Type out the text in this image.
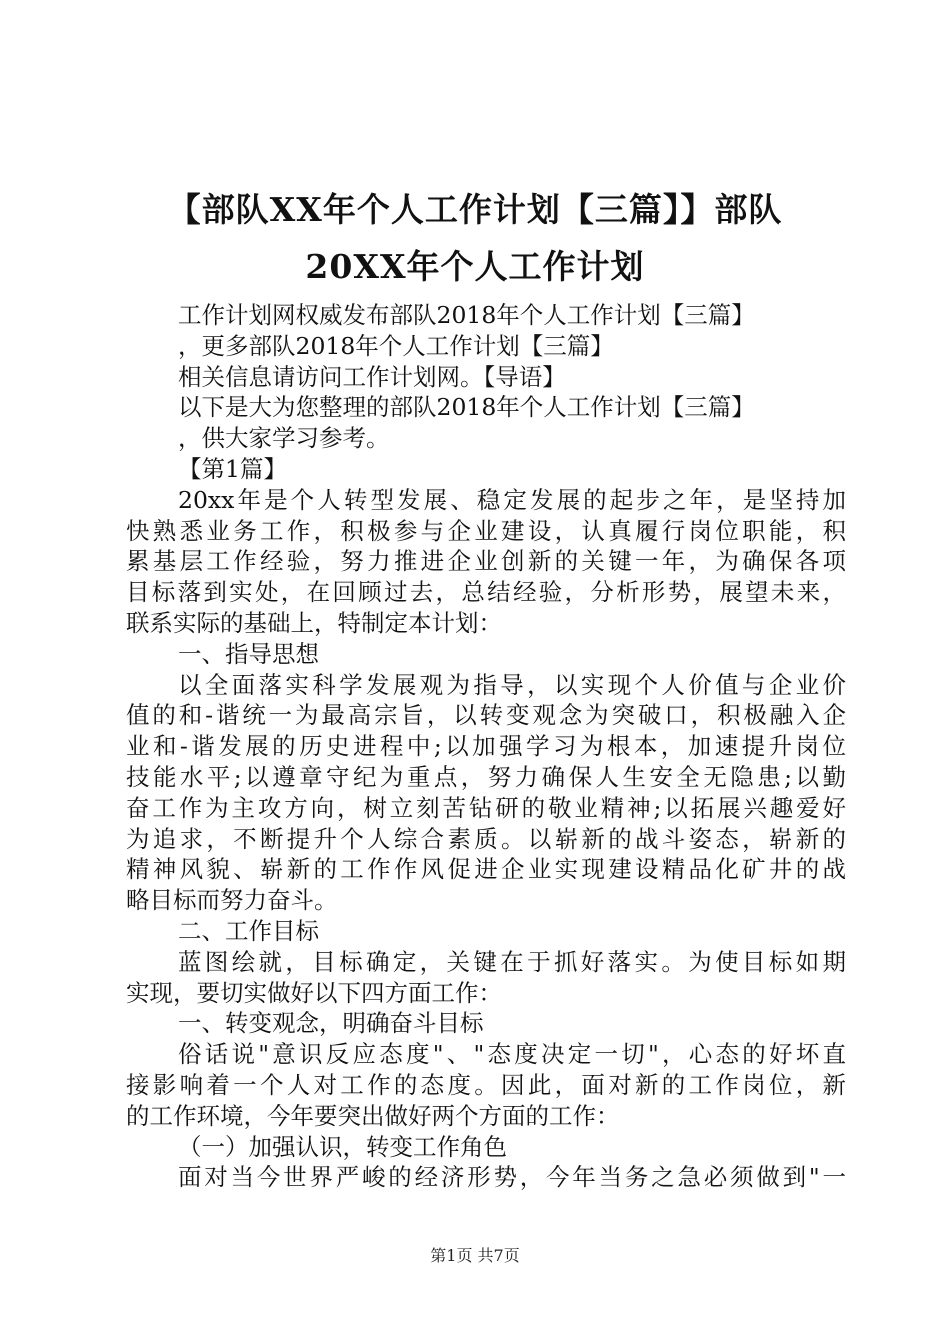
【部队XX年个人工作计划【三篇】】部队
20XX年个人工作计划
工作计划网权威发布部队2018年个人工作计划【三篇】
，更多部队2018年个人工作计划【三篇】
相关信息请访问工作计划网。【导语】
以下是大为您整理的部队2018年个人工作计划【三篇】
，供大家学习参考。
【第1篇】
20xx年是个人转型发展、稳定发展的起步之年，是坚持加
快熟悉业务工作，积极参与企业建设，认真履行岗位职能，积
累基层工作经验，努力推进企业创新的关键一年，为确保各项
目标落到实处，在回顾过去，总结经验，分析形势，展望未来，
联系实际的基础上，特制定本计划：
一、指导思想
以全面落实科学发展观为指导，以实现个人价值与企业价
值的和-谐统一为最高宗旨，以转变观念为突破口，积极融入企
业和-谐发展的历史进程中;以加强学习为根本，加速提升岗位
技能水平;以遵章守纪为重点，努力确保人生安全无隐患;以勤
奋工作为主攻方向，树立刻苦钻研的敬业精神;以拓展兴趣爱好
为追求，不断提升个人综合素质。以崭新的战斗姿态，崭新的
精神风貌、崭新的工作作风促进企业实现建设精品化矿井的战
略目标而努力奋斗。
二、工作目标
蓝图绘就，目标确定，关键在于抓好落实。为使目标如期
实现，要切实做好以下四方面工作：
一、转变观念，明确奋斗目标
俗话说"意识反应态度"、"态度决定一切"，心态的好坏直
接影响着一个人对工作的态度。因此，面对新的工作岗位，新
的工作环境，今年要突出做好两个方面的工作：
（一）加强认识，转变工作角色
面对当今世界严峻的经济形势，今年当务之急必须做到"一
第1页 共7页
